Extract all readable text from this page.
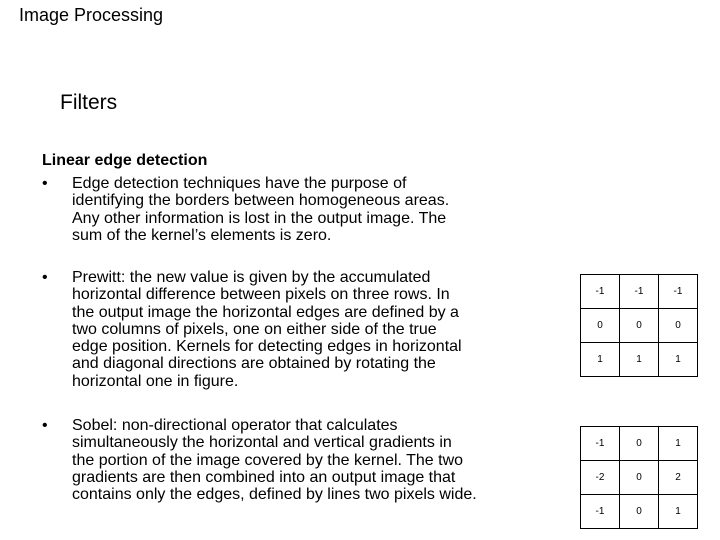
Image Processing
Filters
Linear edge detection
• Edge detection techniques have the purpose of
identifying the borders between homogeneous areas.
Any other information is lost in the output image. The
sum of the kernel’s elements is zero.
• Prewitt: the new value is given by the accumulated
horizontal difference between pixels on three rows. In
the output image the horizontal edges are defined by a
two columns of pixels, one on either side of the true
edge position. Kernels for detecting edges in horizontal
and diagonal directions are obtained by rotating the
horizontal one in figure.
• Sobel: non-directional operator that calculates
simultaneously the horizontal and vertical gradients in
the portion of the image covered by the kernel. The two
gradients are then combined into an output image that
contains only the edges, defined by lines two pixels wide.
-1	-1	-1
0	0	0
1	1	1
-1	0	1
-2	0	2
-1	0	1
